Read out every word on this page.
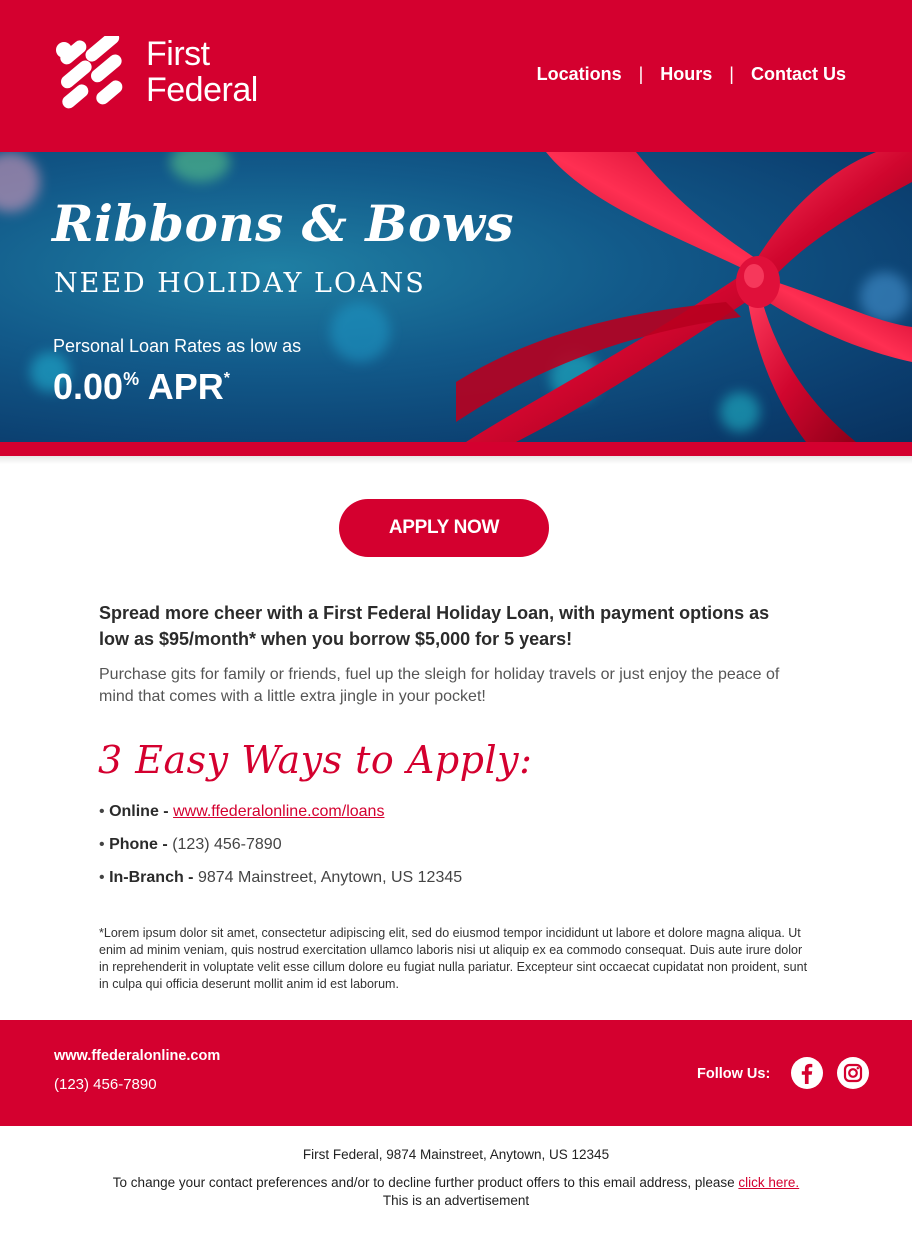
First
Federal	Locations | Hours | Contact Us
Ribbons & Bows
NEED HOLIDAY LOANS
Personal Loan Rates as low as
0.00% APR*
APPLY NOW
Spread more cheer with a First Federal Holiday Loan, with payment options as low as $95/month* when you borrow $5,000 for 5 years!
Purchase gits for family or friends, fuel up the sleigh for holiday travels or just enjoy the peace of mind that comes with a little extra jingle in your pocket!
3 Easy Ways to Apply:
• Online - www.ffederalonline.com/loans
• Phone - (123) 456-7890
• In-Branch - 9874 Mainstreet, Anytown, US 12345
*Lorem ipsum dolor sit amet, consectetur adipiscing elit, sed do eiusmod tempor incididunt ut labore et dolore magna aliqua. Ut enim ad minim veniam, quis nostrud exercitation ullamco laboris nisi ut aliquip ex ea commodo consequat. Duis aute irure dolor in reprehenderit in voluptate velit esse cillum dolore eu fugiat nulla pariatur. Excepteur sint occaecat cupidatat non proident, sunt in culpa qui officia deserunt mollit anim id est laborum.
www.ffederalonline.com
(123) 456-7890
Follow Us:
First Federal, 9874 Mainstreet, Anytown, US 12345
To change your contact preferences and/or to decline further product offers to this email address, please click here.
This is an advertisement
